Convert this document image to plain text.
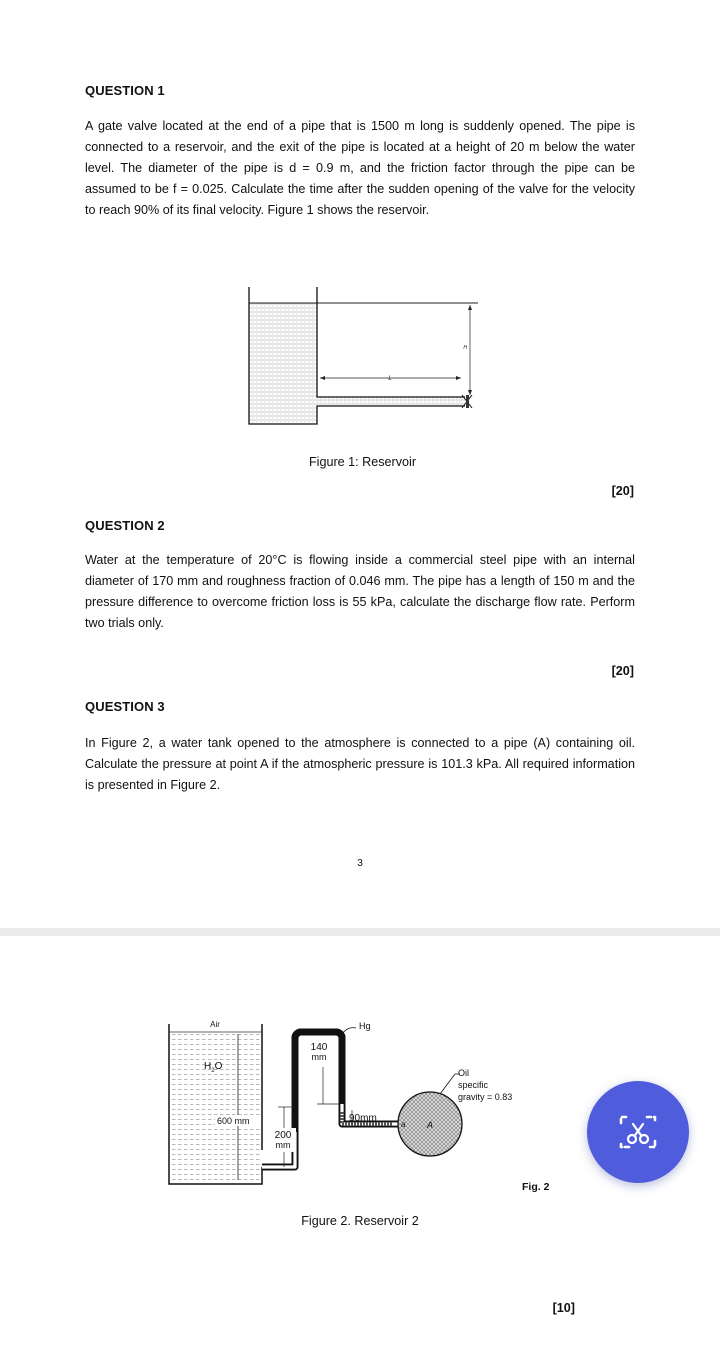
QUESTION 1

A gate valve located at the end of a pipe that is 1500 m long is suddenly opened. The pipe is connected to a reservoir, and the exit of the pipe is located at a height of 20 m below the water level. The diameter of the pipe is d = 0.9 m, and the friction factor through the pipe can be assumed to be f = 0.025. Calculate the time after the sudden opening of the valve for the velocity to reach 90% of its final velocity. Figure 1 shows the reservoir.

L
H
Figure 1: Reservoir
[20]
QUESTION 2

Water at the temperature of 20°C is flowing inside a commercial steel pipe with an internal diameter of 170 mm and roughness fraction of 0.046 mm. The pipe has a length of 150 m and the pressure difference to overcome friction loss is 55 kPa, calculate the discharge flow rate. Perform two trials only.

[20]
QUESTION 3

In Figure 2, a water tank opened to the atmosphere is connected to a pipe (A) containing oil. Calculate the pressure at point A if the atmospheric pressure is 101.3 kPa. All required information is presented in Figure 2.

3
Air
$H_2O$
600 mm
140
mm
Hg
200
mm
90mm
a A
Oil specific gravity = 0.83
Fig. 2
Figure 2. Reservoir 2
[10]
